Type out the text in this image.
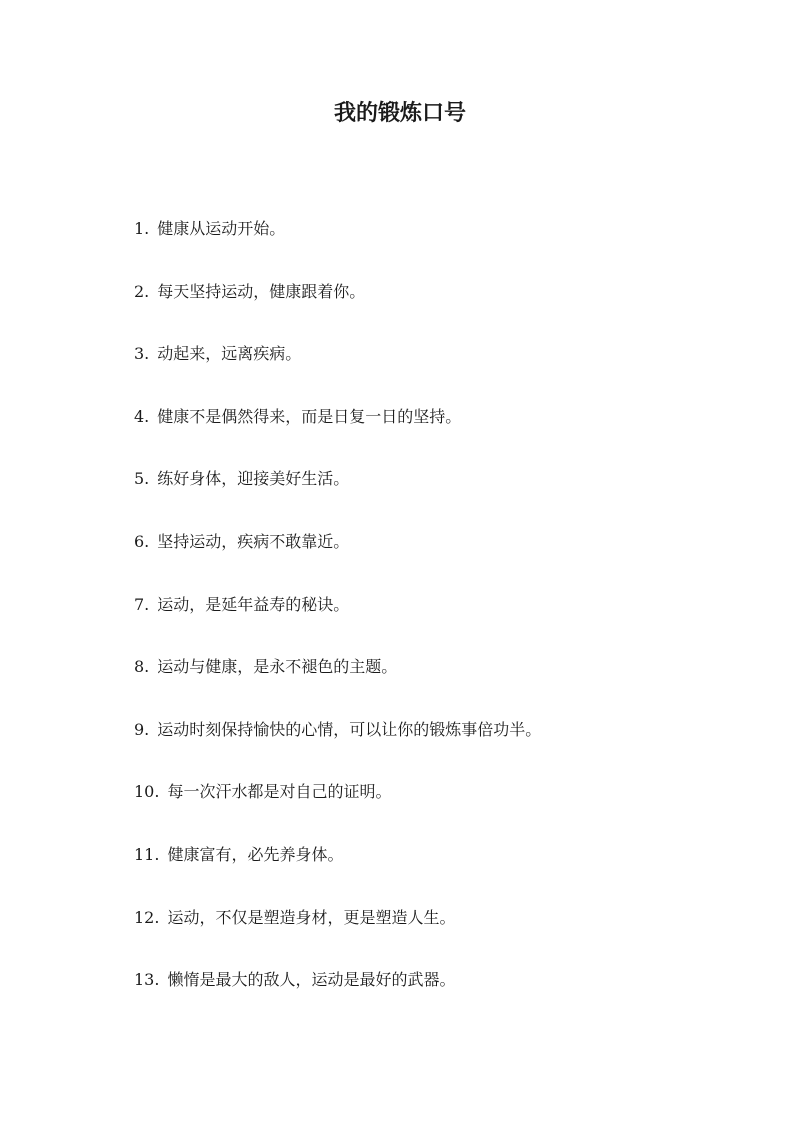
我的锻炼口号
1. 健康从运动开始。
2. 每天坚持运动，健康跟着你。
3. 动起来，远离疾病。
4. 健康不是偶然得来，而是日复一日的坚持。
5. 练好身体，迎接美好生活。
6. 坚持运动，疾病不敢靠近。
7. 运动，是延年益寿的秘诀。
8. 运动与健康，是永不褪色的主题。
9. 运动时刻保持愉快的心情，可以让你的锻炼事倍功半。
10. 每一次汗水都是对自己的证明。
11. 健康富有，必先养身体。
12. 运动，不仅是塑造身材，更是塑造人生。
13. 懒惰是最大的敌人，运动是最好的武器。
